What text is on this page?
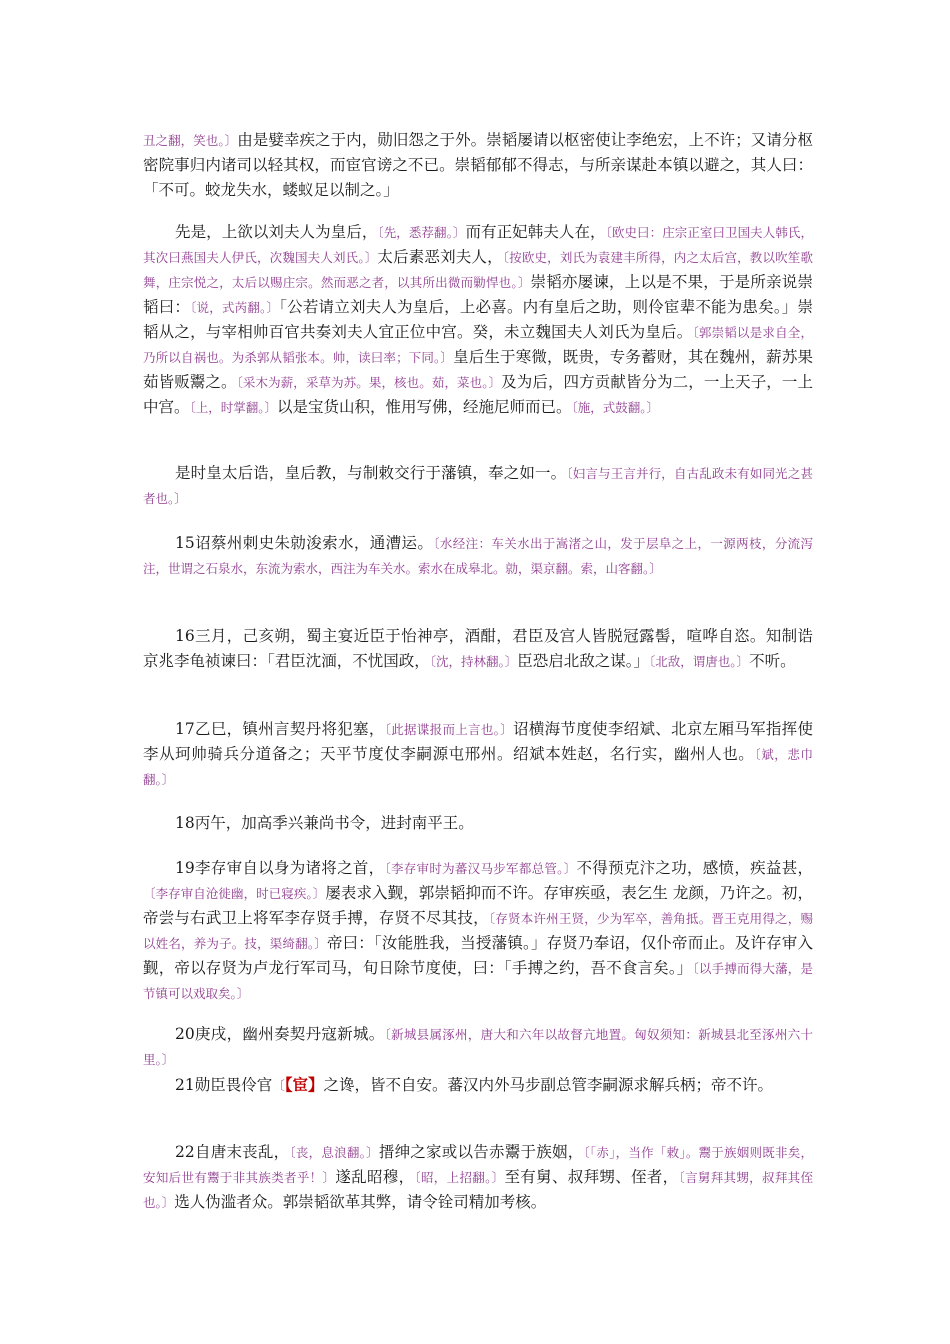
丑之翻，笑也。〕由是嬖幸疾之于内，勋旧怨之于外。崇韬屡请以枢密使让李绝宏，上不许；又请分枢密院事归内诸司以轻其权，而宦官谤之不已。崇韬郁郁不得志，与所亲谋赴本镇以避之，其人曰：「不可。蛟龙失水，蝼蚁足以制之。」

先是，上欲以刘夫人为皇后，〔先，悉荐翻。〕而有正妃韩夫人在，〔欧史曰：庄宗正室曰卫国夫人韩氏，其次曰燕国夫人伊氏，次魏国夫人刘氏。〕太后素恶刘夫人，〔按欧史，刘氏为袁建丰所得，内之太后宫，教以吹笙歌舞，庄宗悦之，太后以赐庄宗。然而恶之者，以其所出微而勦悍也。〕崇韬亦屡谏，上以是不果，于是所亲说崇韬曰：〔说，式芮翻。〕「公若请立刘夫人为皇后，上必喜。内有皇后之助，则伶宦辈不能为患矣。」崇韬从之，与宰相帅百官共奏刘夫人宜正位中宫。癸，未立魏国夫人刘氏为皇后。〔郭崇韬以是求自全，乃所以自祸也。为杀郭从韬张本。帅，读曰率；下同。〕皇后生于寒微，既贵，专务蓄财，其在魏州，薪苏果茹皆贩鬻之。〔采木为薪，采草为苏。果，核也。茹，菜也。〕及为后，四方贡献皆分为二，一上天子，一上中宫。〔上，时掌翻。〕以是宝货山积，惟用写佛，经施尼师而已。〔施，式鼓翻。〕

是时皇太后诰，皇后教，与制敕交行于藩镇，奉之如一。〔妇言与王言并行，自古乱政未有如同光之甚者也。〕

15诏蔡州刺史朱勍浚索水，通漕运。〔水经注：车关水出于嵩渚之山，发于层阜之上，一源两枝，分流泻注，世谓之石泉水，东流为索水，西注为车关水。索水在成皋北。勍，渠京翻。索，山客翻。〕

16三月，己亥朔，蜀主宴近臣于怡神亭，酒酣，君臣及宫人皆脱冠露髻，喧哗自恣。知制诰京兆李龟祯谏曰：「君臣沈湎，不忧国政，〔沈，持林翻。〕臣恐启北敌之谋。」〔北敌，谓唐也。〕不听。

17乙巳，镇州言契丹将犯塞，〔此据谍报而上言也。〕诏横海节度使李绍斌、北京左厢马军指挥使李从珂帅骑兵分道备之；天平节度仗李嗣源屯邢州。绍斌本姓赵，名行实，幽州人也。〔斌，悲巾翻。〕

18丙午，加高季兴兼尚书令，进封南平王。

19李存审自以身为诸将之首，〔李存审时为蕃汉马步军都总管。〕不得预克汴之功，感愤，疾益甚，〔李存审自沧徙幽，时已寝疾。〕屡表求入觐，郭崇韬抑而不许。存审疾亟，表乞生 龙颜，乃许之。初，帝尝与右武卫上将军李存贤手搏，存贤不尽其技，〔存贤本许州王贤，少为军卒，善角抵。晋王克用得之，赐以姓名，养为子。技，渠绮翻。〕帝曰：「汝能胜我，当授藩镇。」存贤乃奉诏，仅仆帝而止。及许存审入觐，帝以存贤为卢龙行军司马，旬日除节度使，曰：「手搏之约，吾不食言矣。」〔以手搏而得大藩，是节镇可以戏取矣。〕

20庚戌，幽州奏契丹寇新城。〔新城县属涿州，唐大和六年以故督亢地置。匈奴须知：新城县北至涿州六十里。〕

21勋臣畏伶官〔【宦】之谗，皆不自安。蕃汉内外马步副总管李嗣源求解兵柄；帝不许。

22自唐末丧乱，〔丧，息浪翻。〕搢绅之家或以告赤鬻于族姻，〔「赤」，当作「敕」。鬻于族姻则既非矣，安知后世有鬻于非其族类者乎！〕遂乱昭穆，〔昭，上招翻。〕至有舅、叔拜甥、侄者，〔言舅拜其甥，叔拜其侄也。〕选人伪滥者众。郭崇韬欲革其弊，请令铨司精加考核。
